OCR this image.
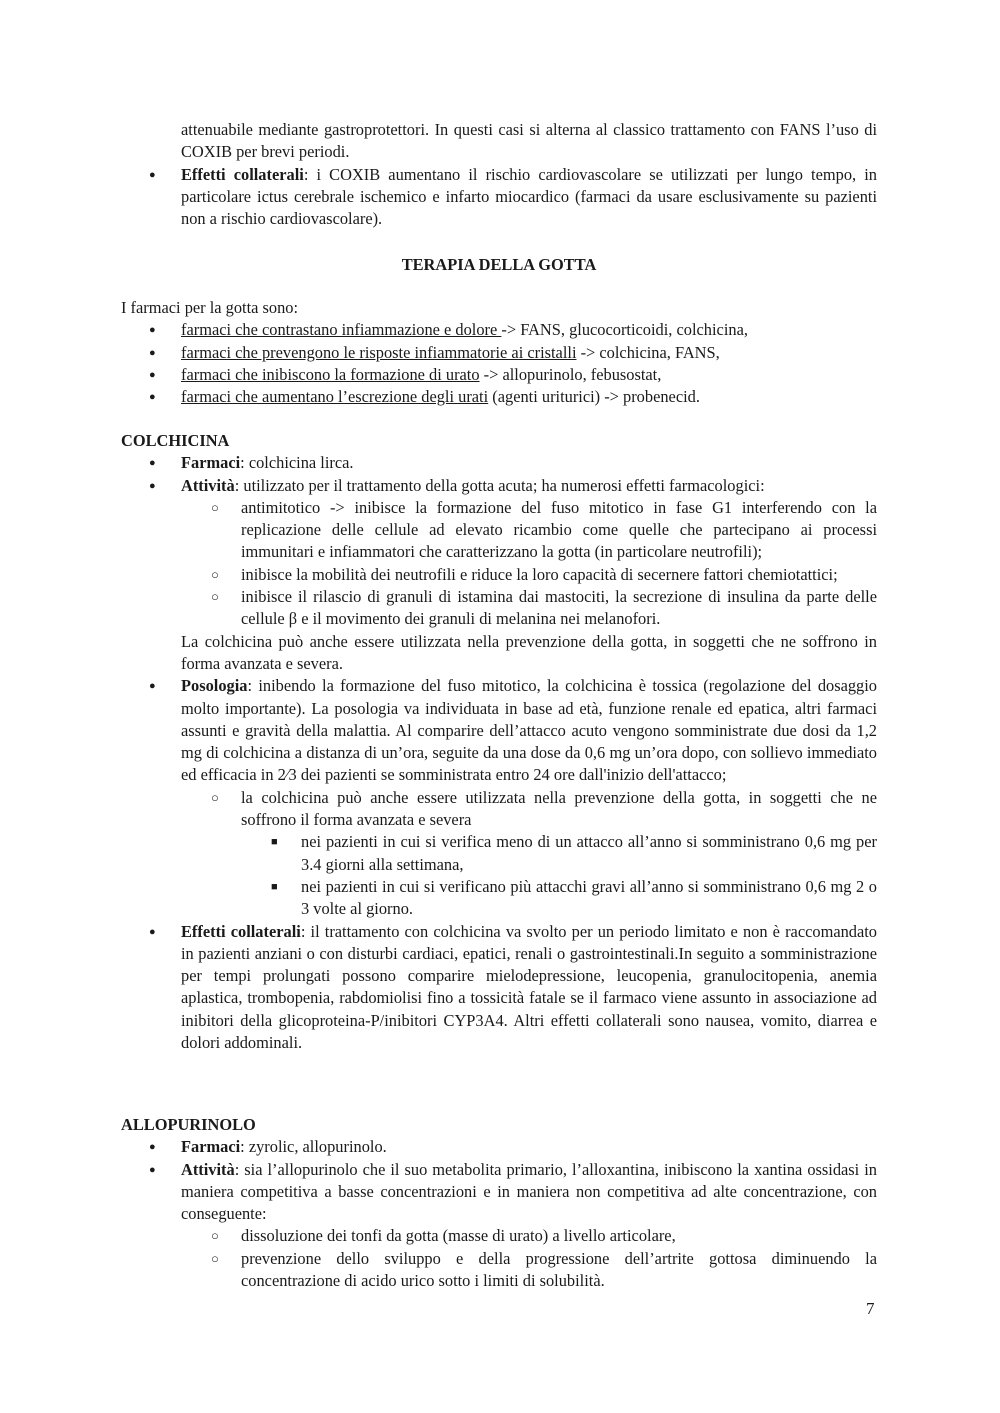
attenuabile mediante gastroprotettori. In questi casi si alterna al classico trattamento con FANS l’uso di COXIB per brevi periodi.
● Effetti collaterali: i COXIB aumentano il rischio cardiovascolare se utilizzati per lungo tempo, in particolare ictus cerebrale ischemico e infarto miocardico (farmaci da usare esclusivamente su pazienti non a rischio cardiovascolare).
TERAPIA DELLA GOTTA
I farmaci per la gotta sono:
● farmaci che contrastano infiammazione e dolore -> FANS, glucocorticoidi, colchicina,
● farmaci che prevengono le risposte infiammatorie ai cristalli -> colchicina, FANS,
● farmaci che inibiscono la formazione di urato -> allopurinolo, febusostat,
● farmaci che aumentano l’escrezione degli urati (agenti uriturici) -> probenecid.
COLCHICINA
● Farmaci: colchicina lirca.
● Attività: utilizzato per il trattamento della gotta acuta; ha numerosi effetti farmacologici:
○ antimitotico -> inibisce la formazione del fuso mitotico in fase G1 interferendo con la replicazione delle cellule ad elevato ricambio come quelle che partecipano ai processi immunitari e infiammatori che caratterizzano la gotta (in particolare neutrofili);
○ inibisce la mobilità dei neutrofili e riduce la loro capacità di secernere fattori chemiotattici;
○ inibisce il rilascio di granuli di istamina dai mastociti, la secrezione di insulina da parte delle cellule β e il movimento dei granuli di melanina nei melanofori.
La colchicina può anche essere utilizzata nella prevenzione della gotta, in soggetti che ne soffrono in forma avanzata e severa.
● Posologia: inibendo la formazione del fuso mitotico, la colchicina è tossica (regolazione del dosaggio molto importante). La posologia va individuata in base ad età, funzione renale ed epatica, altri farmaci assunti e gravità della malattia. Al comparire dell’attacco acuto vengono somministrate due dosi da 1,2 mg di colchicina a distanza di un’ora, seguite da una dose da 0,6 mg un’ora dopo, con sollievo immediato ed efficacia in 2⁄3 dei pazienti se somministrata entro 24 ore dall'inizio dell'attacco;
○ la colchicina può anche essere utilizzata nella prevenzione della gotta, in soggetti che ne soffrono il forma avanzata e severa
■ nei pazienti in cui si verifica meno di un attacco all’anno si somministrano 0,6 mg per 3.4 giorni alla settimana,
■ nei pazienti in cui si verificano più attacchi gravi all’anno si somministrano 0,6 mg 2 o 3 volte al giorno.
● Effetti collaterali: il trattamento con colchicina va svolto per un periodo limitato e non è raccomandato in pazienti anziani o con disturbi cardiaci, epatici, renali o gastrointestinali.In seguito a somministrazione per tempi prolungati possono comparire mielodepressione, leucopenia, granulocitopenia, anemia aplastica, trombopenia, rabdomiolisi fino a tossicità fatale se il farmaco viene assunto in associazione ad inibitori della glicoproteina-P/inibitori CYP3A4. Altri effetti collaterali sono nausea, vomito, diarrea e dolori addominali.
ALLOPURINOLO
● Farmaci: zyrolic, allopurinolo.
● Attività: sia l’allopurinolo che il suo metabolita primario, l’alloxantina, inibiscono la xantina ossidasi in maniera competitiva a basse concentrazioni e in maniera non competitiva ad alte concentrazione, con conseguente:
○ dissoluzione dei tonfi da gotta (masse di urato) a livello articolare,
○ prevenzione dello sviluppo e della progressione dell’artrite gottosa diminuendo la concentrazione di acido urico sotto i limiti di solubilità.
7
